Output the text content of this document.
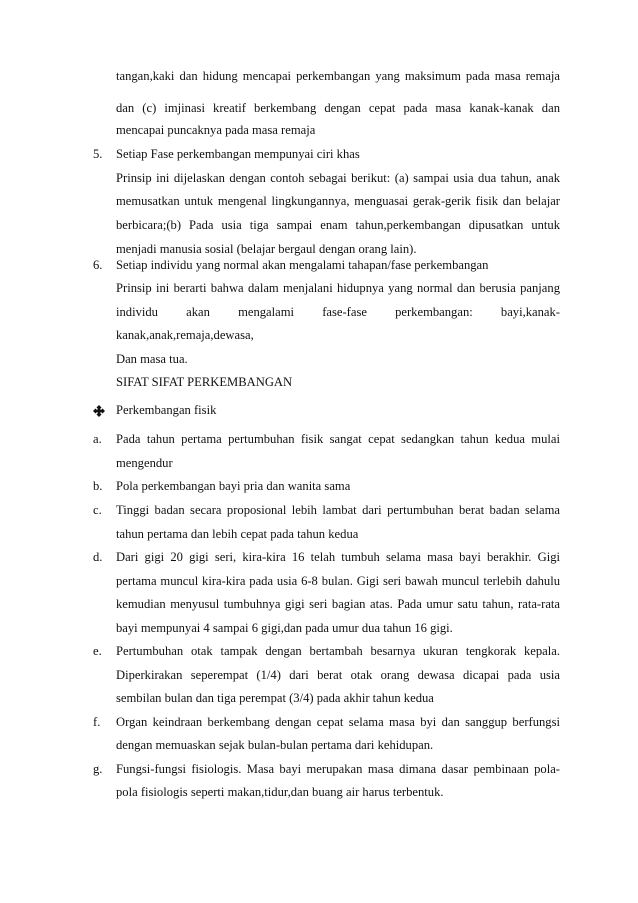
tangan,kaki dan hidung mencapai perkembangan yang maksimum pada masa remaja
dan (c) imjinasi kreatif berkembang dengan cepat pada masa kanak-kanak dan
mencapai puncaknya pada masa remaja
5. Setiap Fase perkembangan mempunyai ciri khas
Prinsip ini dijelaskan dengan contoh sebagai berikut: (a) sampai usia dua tahun, anak
memusatkan untuk mengenal lingkungannya, menguasai gerak-gerik fisik dan belajar
berbicara;(b) Pada usia tiga sampai enam tahun,perkembangan dipusatkan untuk
menjadi manusia sosial (belajar bergaul dengan orang lain).
6. Setiap individu yang normal akan mengalami tahapan/fase perkembangan
Prinsip ini berarti bahwa dalam menjalani hidupnya yang normal dan berusia panjang
individu akan mengalami fase-fase perkembangan: bayi,kanak-
kanak,anak,remaja,dewasa,
Dan masa tua.
SIFAT SIFAT PERKEMBANGAN
Perkembangan fisik
a. Pada tahun pertama pertumbuhan fisik sangat cepat sedangkan tahun kedua mulai
mengendur
b. Pola perkembangan bayi pria dan wanita sama
c. Tinggi badan secara proposional lebih lambat dari pertumbuhan berat badan selama
tahun pertama dan lebih cepat pada tahun kedua
d. Dari gigi 20 gigi seri, kira-kira 16 telah tumbuh selama masa bayi berakhir. Gigi
pertama muncul kira-kira pada usia 6-8 bulan. Gigi seri bawah muncul terlebih dahulu
kemudian menyusul tumbuhnya gigi seri bagian atas. Pada umur satu tahun, rata-rata
bayi mempunyai 4 sampai 6 gigi,dan pada umur dua tahun 16 gigi.
e. Pertumbuhan otak tampak dengan bertambah besarnya ukuran tengkorak kepala.
Diperkirakan seperempat (1/4) dari berat otak orang dewasa dicapai pada usia
sembilan bulan dan tiga perempat (3/4) pada akhir tahun kedua
f. Organ keindraan berkembang dengan cepat selama masa byi dan sanggup berfungsi
dengan memuaskan sejak bulan-bulan pertama dari kehidupan.
g. Fungsi-fungsi fisiologis. Masa bayi merupakan masa dimana dasar pembinaan pola-
pola fisiologis seperti makan,tidur,dan buang air harus terbentuk.
